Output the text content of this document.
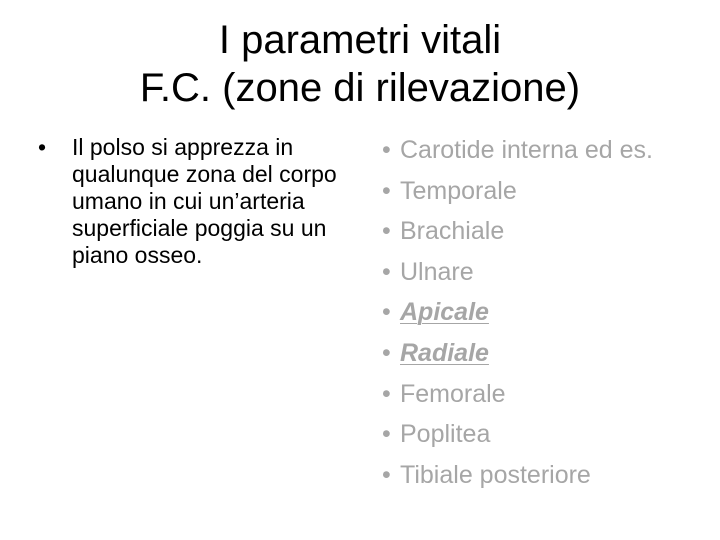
I parametri vitali
F.C. (zone di rilevazione)
•	Il polso si apprezza in qualunque zona del corpo umano in cui un’arteria superficiale poggia su un piano osseo.
• Carotide interna ed es.
• Temporale
• Brachiale
• Ulnare
• Apicale
• Radiale
• Femorale
• Poplitea
• Tibiale posteriore
